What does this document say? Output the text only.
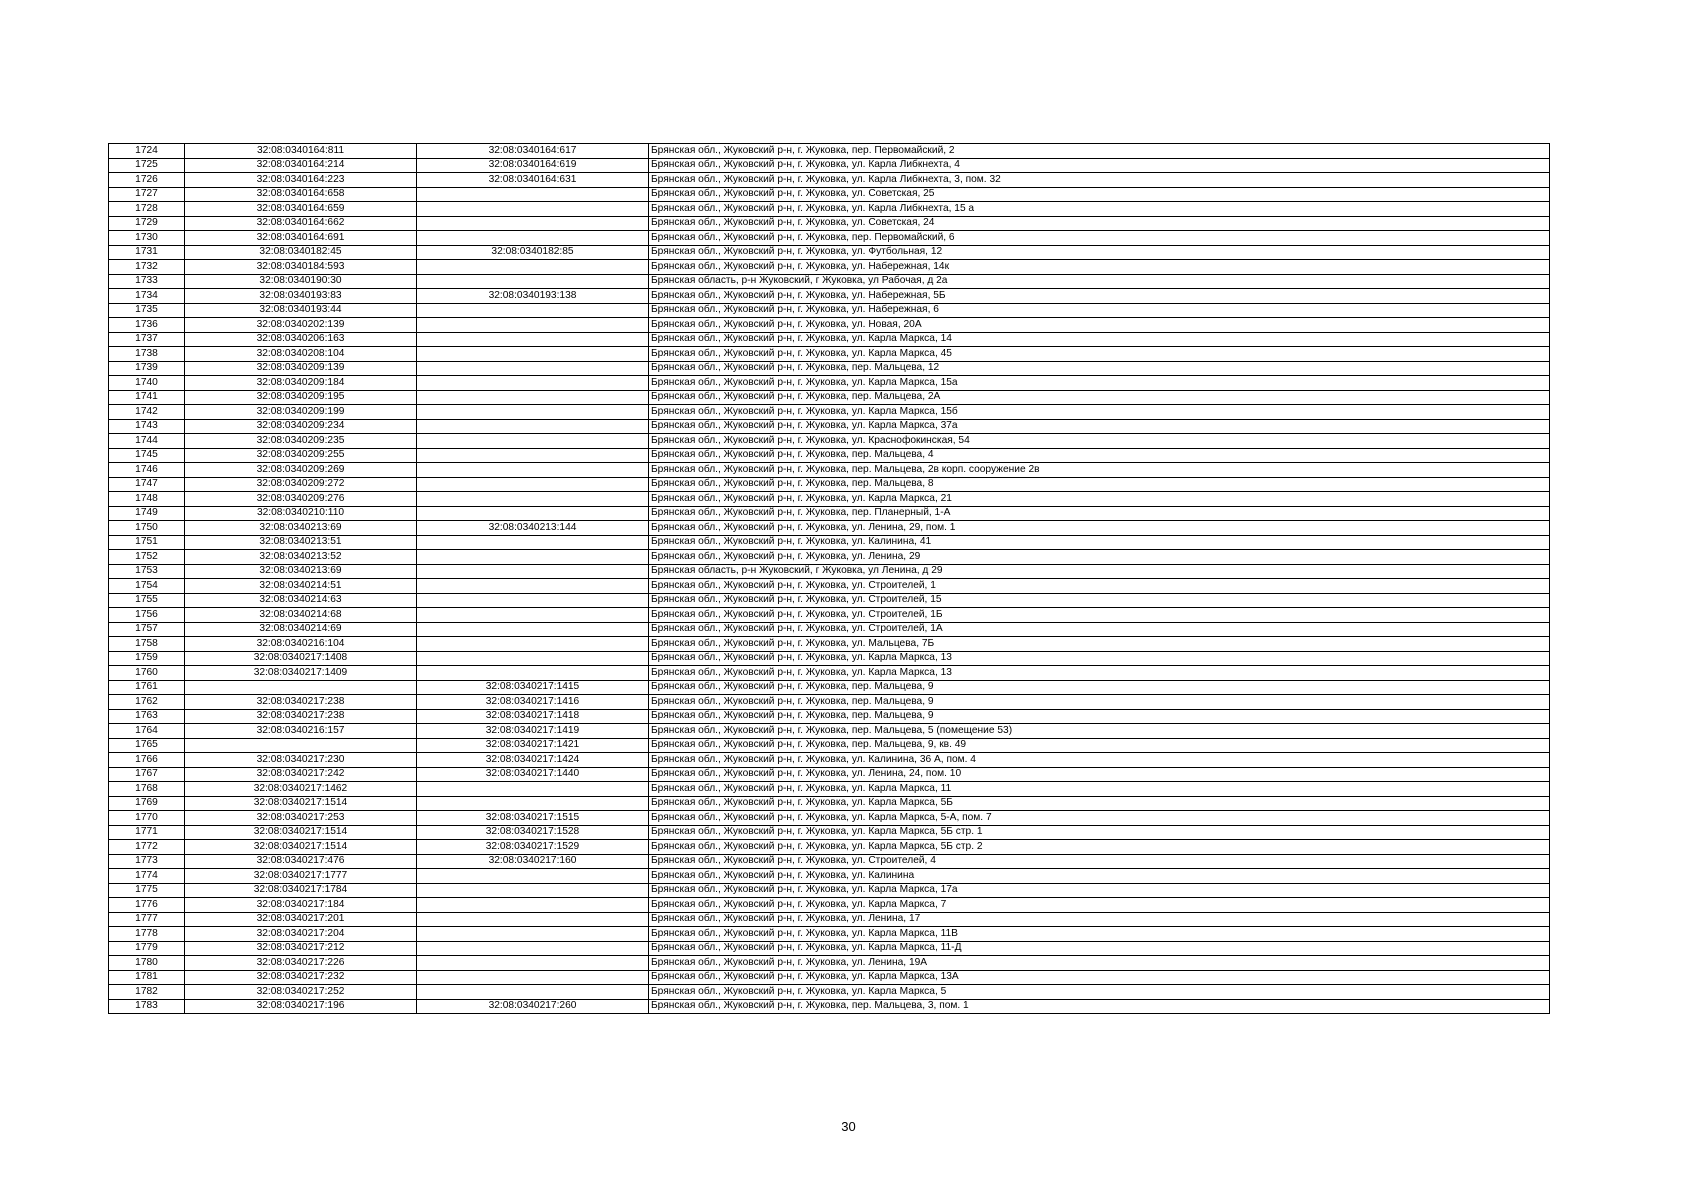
1724	32:08:0340164:811	32:08:0340164:617	Брянская обл., Жуковский р-н, г. Жуковка, пер. Первомайский, 2
1725	32:08:0340164:214	32:08:0340164:619	Брянская обл., Жуковский р-н, г. Жуковка, ул. Карла Либкнехта, 4
1726	32:08:0340164:223	32:08:0340164:631	Брянская обл., Жуковский р-н, г. Жуковка, ул. Карла Либкнехта, 3, пом. 32
1727	32:08:0340164:658		Брянская обл., Жуковский р-н, г. Жуковка, ул. Советская, 25
1728	32:08:0340164:659		Брянская обл., Жуковский р-н, г. Жуковка, ул. Карла Либкнехта, 15 а
1729	32:08:0340164:662		Брянская обл., Жуковский р-н, г. Жуковка, ул. Советская, 24
1730	32:08:0340164:691		Брянская обл., Жуковский р-н, г. Жуковка, пер. Первомайский, 6
1731	32:08:0340182:45	32:08:0340182:85	Брянская обл., Жуковский р-н, г. Жуковка, ул. Футбольная, 12
1732	32:08:0340184:593		Брянская обл., Жуковский р-н, г. Жуковка, ул. Набережная, 14к
1733	32:08:0340190:30		Брянская область, р-н Жуковский, г Жуковка, ул Рабочая, д 2а
1734	32:08:0340193:83	32:08:0340193:138	Брянская обл., Жуковский р-н, г. Жуковка, ул. Набережная, 5Б
1735	32:08:0340193:44		Брянская обл., Жуковский р-н, г. Жуковка, ул. Набережная, 6
1736	32:08:0340202:139		Брянская обл., Жуковский р-н, г. Жуковка, ул. Новая, 20А
1737	32:08:0340206:163		Брянская обл., Жуковский р-н, г. Жуковка, ул. Карла Маркса, 14
1738	32:08:0340208:104		Брянская обл., Жуковский р-н, г. Жуковка, ул. Карла Маркса, 45
1739	32:08:0340209:139		Брянская обл., Жуковский р-н, г. Жуковка, пер. Мальцева, 12
1740	32:08:0340209:184		Брянская обл., Жуковский р-н, г. Жуковка, ул. Карла Маркса, 15а
1741	32:08:0340209:195		Брянская обл., Жуковский р-н, г. Жуковка, пер. Мальцева, 2А
1742	32:08:0340209:199		Брянская обл., Жуковский р-н, г. Жуковка, ул. Карла Маркса, 15б
1743	32:08:0340209:234		Брянская обл., Жуковский р-н, г. Жуковка, ул. Карла Маркса, 37а
1744	32:08:0340209:235		Брянская обл., Жуковский р-н, г. Жуковка, ул. Краснофокинская, 54
1745	32:08:0340209:255		Брянская обл., Жуковский р-н, г. Жуковка, пер. Мальцева, 4
1746	32:08:0340209:269		Брянская обл., Жуковский р-н, г. Жуковка, пер. Мальцева, 2в корп. сооружение 2в
1747	32:08:0340209:272		Брянская обл., Жуковский р-н, г. Жуковка, пер. Мальцева, 8
1748	32:08:0340209:276		Брянская обл., Жуковский р-н, г. Жуковка, ул. Карла Маркса, 21
1749	32:08:0340210:110		Брянская обл., Жуковский р-н, г. Жуковка, пер. Планерный, 1-А
1750	32:08:0340213:69	32:08:0340213:144	Брянская обл., Жуковский р-н, г. Жуковка, ул. Ленина, 29, пом. 1
1751	32:08:0340213:51		Брянская обл., Жуковский р-н, г. Жуковка, ул. Калинина, 41
1752	32:08:0340213:52		Брянская обл., Жуковский р-н, г. Жуковка, ул. Ленина, 29
1753	32:08:0340213:69		Брянская область, р-н Жуковский, г Жуковка, ул Ленина, д 29
1754	32:08:0340214:51		Брянская обл., Жуковский р-н, г. Жуковка, ул. Строителей, 1
1755	32:08:0340214:63		Брянская обл., Жуковский р-н, г. Жуковка, ул. Строителей, 15
1756	32:08:0340214:68		Брянская обл., Жуковский р-н, г. Жуковка, ул. Строителей, 1Б
1757	32:08:0340214:69		Брянская обл., Жуковский р-н, г. Жуковка, ул. Строителей, 1А
1758	32:08:0340216:104		Брянская обл., Жуковский р-н, г. Жуковка, ул. Мальцева, 7Б
1759	32:08:0340217:1408		Брянская обл., Жуковский р-н, г. Жуковка, ул. Карла Маркса, 13
1760	32:08:0340217:1409		Брянская обл., Жуковский р-н, г. Жуковка, ул. Карла Маркса, 13
1761		32:08:0340217:1415	Брянская обл., Жуковский р-н, г. Жуковка, пер. Мальцева, 9
1762	32:08:0340217:238	32:08:0340217:1416	Брянская обл., Жуковский р-н, г. Жуковка, пер. Мальцева, 9
1763	32:08:0340217:238	32:08:0340217:1418	Брянская обл., Жуковский р-н, г. Жуковка, пер. Мальцева, 9
1764	32:08:0340216:157	32:08:0340217:1419	Брянская обл., Жуковский р-н, г. Жуковка, пер. Мальцева, 5 (помещение 53)
1765		32:08:0340217:1421	Брянская обл., Жуковский р-н, г. Жуковка, пер. Мальцева, 9, кв. 49
1766	32:08:0340217:230	32:08:0340217:1424	Брянская обл., Жуковский р-н, г. Жуковка, ул. Калинина, 36 А, пом. 4
1767	32:08:0340217:242	32:08:0340217:1440	Брянская обл., Жуковский р-н, г. Жуковка, ул. Ленина, 24, пом. 10
1768	32:08:0340217:1462		Брянская обл., Жуковский р-н, г. Жуковка, ул. Карла Маркса, 11
1769	32:08:0340217:1514		Брянская обл., Жуковский р-н, г. Жуковка, ул. Карла Маркса, 5Б
1770	32:08:0340217:253	32:08:0340217:1515	Брянская обл., Жуковский р-н, г. Жуковка, ул. Карла Маркса, 5-А, пом. 7
1771	32:08:0340217:1514	32:08:0340217:1528	Брянская обл., Жуковский р-н, г. Жуковка, ул. Карла Маркса, 5Б стр. 1
1772	32:08:0340217:1514	32:08:0340217:1529	Брянская обл., Жуковский р-н, г. Жуковка, ул. Карла Маркса, 5Б стр. 2
1773	32:08:0340217:476	32:08:0340217:160	Брянская обл., Жуковский р-н, г. Жуковка, ул. Строителей, 4
1774	32:08:0340217:1777		Брянская обл., Жуковский р-н, г. Жуковка, ул. Калинина
1775	32:08:0340217:1784		Брянская обл., Жуковский р-н, г. Жуковка, ул. Карла Маркса, 17а
1776	32:08:0340217:184		Брянская обл., Жуковский р-н, г. Жуковка, ул. Карла Маркса, 7
1777	32:08:0340217:201		Брянская обл., Жуковский р-н, г. Жуковка, ул. Ленина, 17
1778	32:08:0340217:204		Брянская обл., Жуковский р-н, г. Жуковка, ул. Карла Маркса, 11В
1779	32:08:0340217:212		Брянская обл., Жуковский р-н, г. Жуковка, ул. Карла Маркса, 11-Д
1780	32:08:0340217:226		Брянская обл., Жуковский р-н, г. Жуковка, ул. Ленина, 19А
1781	32:08:0340217:232		Брянская обл., Жуковский р-н, г. Жуковка, ул. Карла Маркса, 13А
1782	32:08:0340217:252		Брянская обл., Жуковский р-н, г. Жуковка, ул. Карла Маркса, 5
1783	32:08:0340217:196	32:08:0340217:260	Брянская обл., Жуковский р-н, г. Жуковка, пер. Мальцева, 3, пом. 1
30
